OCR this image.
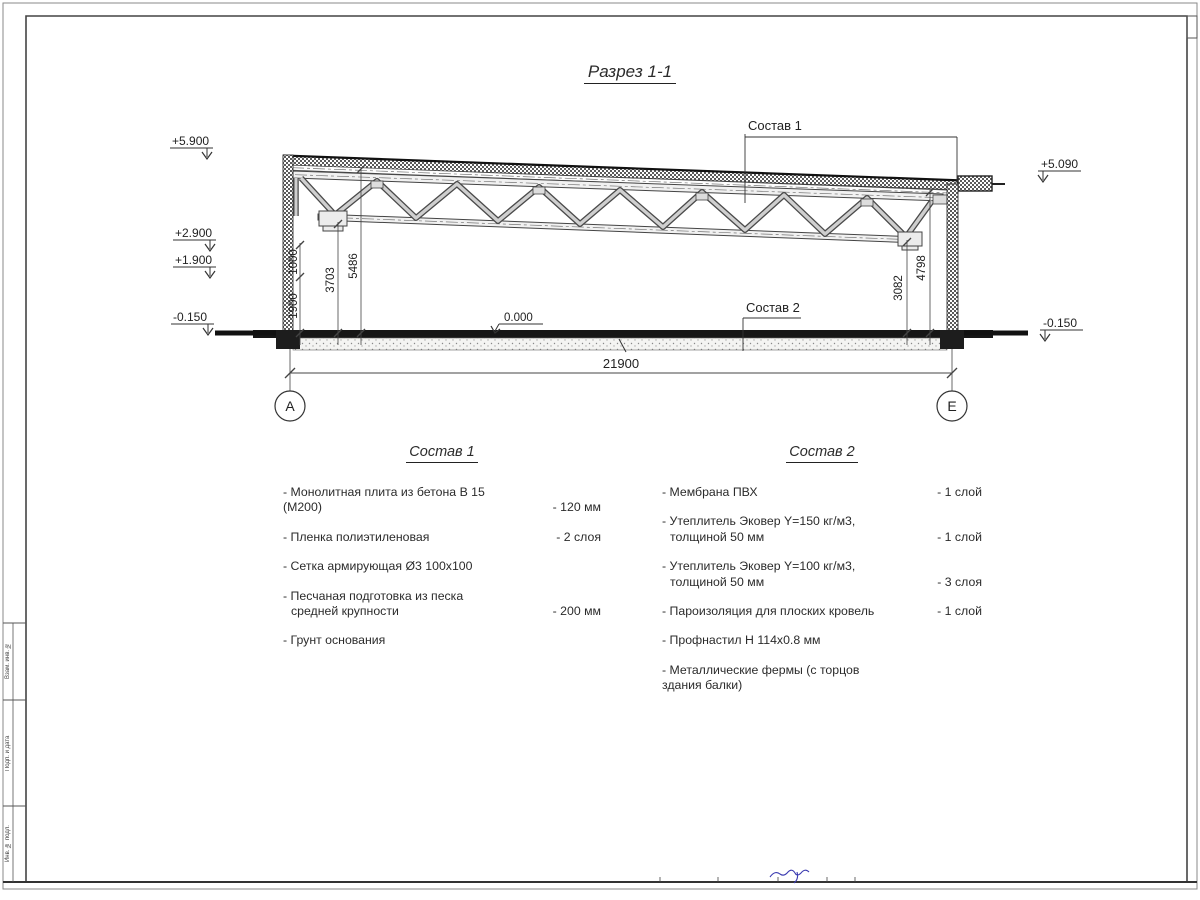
Состав 1
Состав 2
+5.900
+2.900
+1.900
-0.150
+5.090
-0.150
0.000
1000
1900
3703
5486
3082
4798
21900
А	Е
Разрез 1-1
Состав 1
- Монолитная плита из бетона В 15 (М200)	- 120 мм
- Пленка полиэтиленовая	- 2 слоя
- Сетка армирующая Ø3 100х100
- Песчаная подготовка из песка
средней крупности	- 200 мм
- Грунт основания
Состав 2
- Мембрана ПВХ	- 1 слой
- Утеплитель Эковер Y=150 кг/м3,
толщиной 50 мм	- 1 слой
- Утеплитель Эковер Y=100 кг/м3,
толщиной 50 мм	- 3 слоя
- Пароизоляция для плоских кровель	- 1 слой
- Профнастил Н 114х0.8 мм
- Металлические фермы (с торцов здания балки)
Взам. инв. №
Подп. и дата
Инв. № подл.
